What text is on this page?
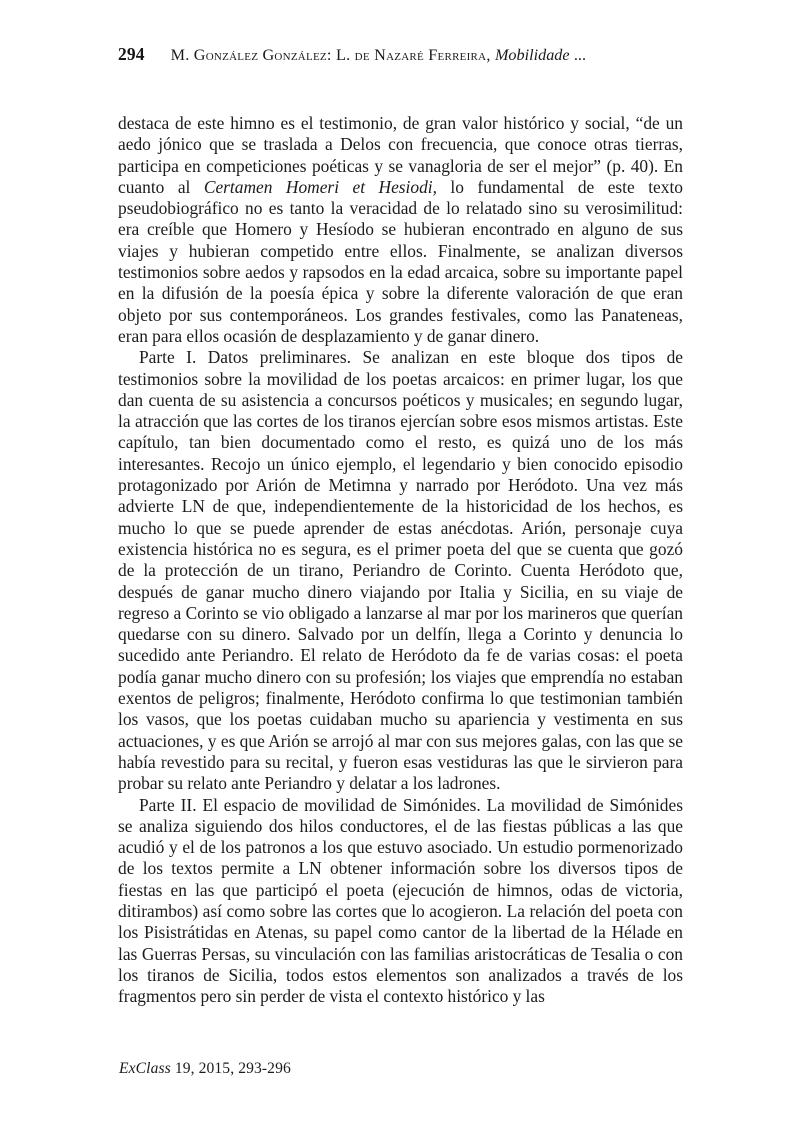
294 M. González González: L. de Nazaré Ferreira, Mobilidade ...

destaca de este himno es el testimonio, de gran valor histórico y social, “de un aedo jónico que se traslada a Delos con frecuencia, que conoce otras tierras, participa en competiciones poéticas y se vanagloria de ser el mejor” (p. 40). En cuanto al Certamen Homeri et Hesiodi, lo fundamental de este texto pseudobiográfico no es tanto la veracidad de lo relatado sino su verosimilitud: era creíble que Homero y Hesíodo se hubieran encontrado en alguno de sus viajes y hubieran competido entre ellos. Finalmente, se analizan diversos testimonios sobre aedos y rapsodos en la edad arcaica, sobre su importante papel en la difusión de la poesía épica y sobre la diferente valoración de que eran objeto por sus contemporáneos. Los grandes festivales, como las Panateneas, eran para ellos ocasión de desplazamiento y de ganar dinero.

Parte I. Datos preliminares. Se analizan en este bloque dos tipos de testimonios sobre la movilidad de los poetas arcaicos: en primer lugar, los que dan cuenta de su asistencia a concursos poéticos y musicales; en segundo lugar, la atracción que las cortes de los tiranos ejercían sobre esos mismos artistas. Este capítulo, tan bien documentado como el resto, es quizá uno de los más interesantes. Recojo un único ejemplo, el legendario y bien conocido episodio protagonizado por Arión de Metimna y narrado por Heródoto. Una vez más advierte LN de que, independientemente de la historicidad de los hechos, es mucho lo que se puede aprender de estas anécdotas. Arión, personaje cuya existencia histórica no es segura, es el primer poeta del que se cuenta que gozó de la protección de un tirano, Periandro de Corinto. Cuenta Heródoto que, después de ganar mucho dinero viajando por Italia y Sicilia, en su viaje de regreso a Corinto se vio obligado a lanzarse al mar por los marineros que querían quedarse con su dinero. Salvado por un delfín, llega a Corinto y denuncia lo sucedido ante Periandro. El relato de Heródoto da fe de varias cosas: el poeta podía ganar mucho dinero con su profesión; los viajes que emprendía no estaban exentos de peligros; finalmente, Heródoto confirma lo que testimonian también los vasos, que los poetas cuidaban mucho su apariencia y vestimenta en sus actuaciones, y es que Arión se arrojó al mar con sus mejores galas, con las que se había revestido para su recital, y fueron esas vestiduras las que le sirvieron para probar su relato ante Periandro y delatar a los ladrones.

Parte II. El espacio de movilidad de Simónides. La movilidad de Simónides se analiza siguiendo dos hilos conductores, el de las fiestas públicas a las que acudió y el de los patronos a los que estuvo asociado. Un estudio pormenorizado de los textos permite a LN obtener información sobre los diversos tipos de fiestas en las que participó el poeta (ejecución de himnos, odas de victoria, ditirambos) así como sobre las cortes que lo acogieron. La relación del poeta con los Pisistrátidas en Atenas, su papel como cantor de la libertad de la Hélade en las Guerras Persas, su vinculación con las familias aristocráticas de Tesalia o con los tiranos de Sicilia, todos estos elementos son analizados a través de los fragmentos pero sin perder de vista el contexto histórico y las

ExClass 19, 2015, 293-296
